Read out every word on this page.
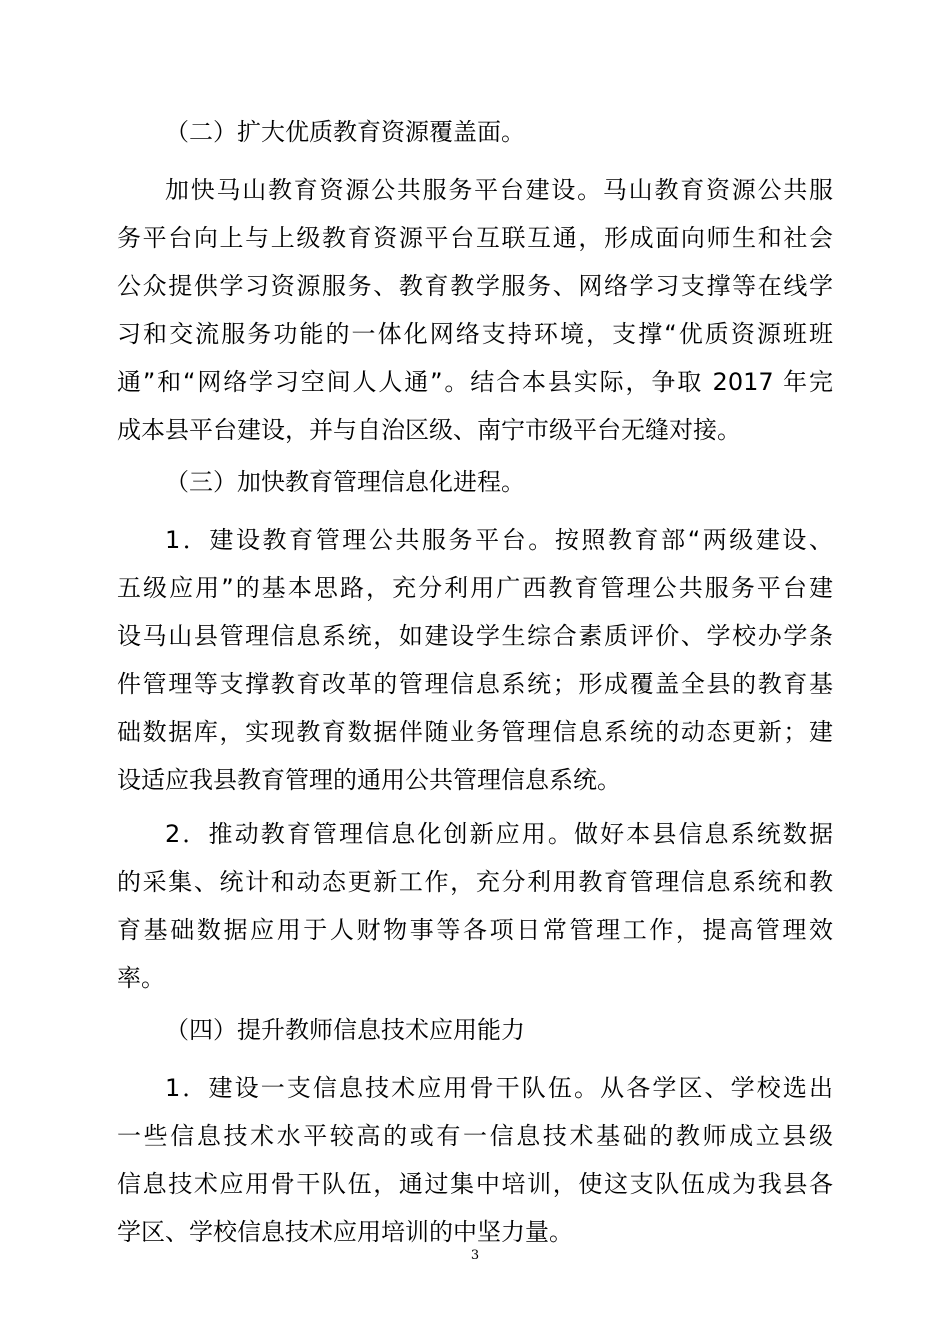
（二）扩大优质教育资源覆盖面。
加快马山教育资源公共服务平台建设。马山教育资源公共服
务平台向上与上级教育资源平台互联互通，形成面向师生和社会
公众提供学习资源服务、教育教学服务、网络学习支撑等在线学
习和交流服务功能的一体化网络支持环境，支撑“优质资源班班
通”和“网络学习空间人人通”。结合本县实际，争取 2017 年完
成本县平台建设，并与自治区级、南宁市级平台无缝对接。
（三）加快教育管理信息化进程。
1．建设教育管理公共服务平台。按照教育部“两级建设、
五级应用”的基本思路，充分利用广西教育管理公共服务平台建
设马山县管理信息系统，如建设学生综合素质评价、学校办学条
件管理等支撑教育改革的管理信息系统；形成覆盖全县的教育基
础数据库，实现教育数据伴随业务管理信息系统的动态更新；建
设适应我县教育管理的通用公共管理信息系统。
2．推动教育管理信息化创新应用。做好本县信息系统数据
的采集、统计和动态更新工作，充分利用教育管理信息系统和教
育基础数据应用于人财物事等各项日常管理工作，提高管理效
率。
（四）提升教师信息技术应用能力
1．建设一支信息技术应用骨干队伍。从各学区、学校选出
一些信息技术水平较高的或有一信息技术基础的教师成立县级
信息技术应用骨干队伍，通过集中培训，使这支队伍成为我县各
学区、学校信息技术应用培训的中坚力量。
3
